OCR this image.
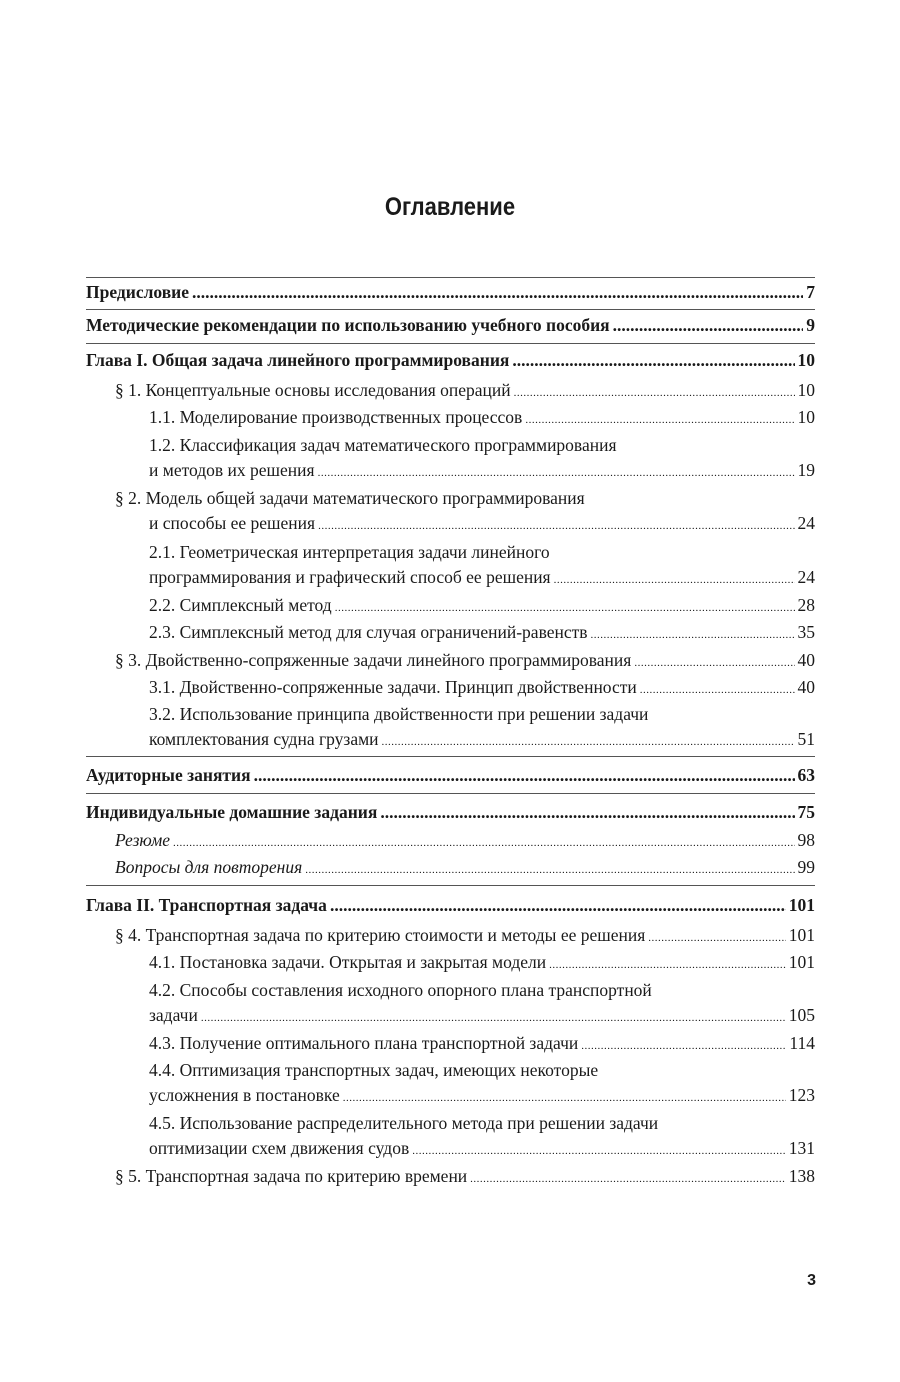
Оглавление
Предисловие .....	7
Методические рекомендации по использованию учебного пособия .....	9
Глава I. Общая задача линейного программирования .....	10
§ 1. Концептуальные основы исследования операций .....	10
1.1. Моделирование производственных процессов .....	10
1.2. Классификация задач математического программирования
и методов их решения .....	19
§ 2. Модель общей задачи математического программирования
и способы ее решения .....	24
2.1. Геометрическая интерпретация задачи линейного
программирования и графический способ ее решения .....	24
2.2. Симплексный метод .....	28
2.3. Симплексный метод для случая ограничений-равенств .....	35
§ 3. Двойственно-сопряженные задачи линейного программирования .....	40
3.1. Двойственно-сопряженные задачи. Принцип двойственности .....	40
3.2. Использование принципа двойственности при решении задачи
комплектования судна грузами .....	51
Аудиторные занятия .....	63
Индивидуальные домашние задания .....	75
Резюме .....	98
Вопросы для повторения .....	99
Глава II. Транспортная задача .....	101
§ 4. Транспортная задача по критерию стоимости и методы ее решения .....	101
4.1. Постановка задачи. Открытая и закрытая модели .....	101
4.2. Способы составления исходного опорного плана транспортной
задачи .....	105
4.3. Получение оптимального плана транспортной задачи .....	114
4.4. Оптимизация транспортных задач, имеющих некоторые
усложнения в постановке .....	123
4.5. Использование распределительного метода при решении задачи
оптимизации схем движения судов .....	131
§ 5. Транспортная задача по критерию времени .....	138
3
